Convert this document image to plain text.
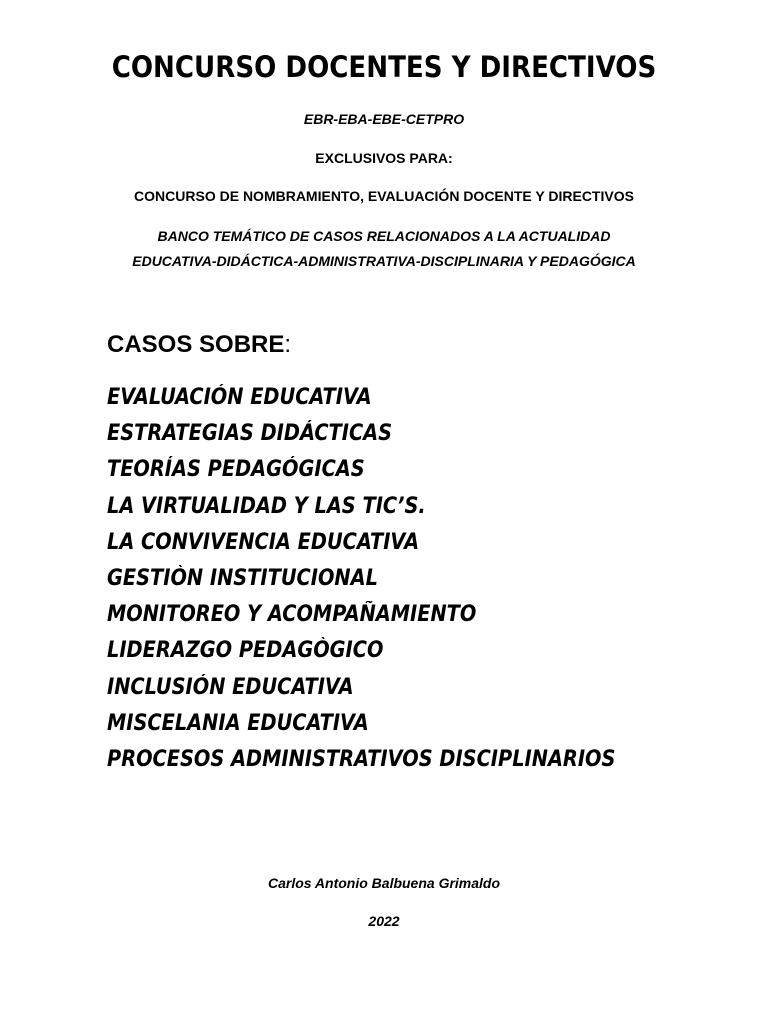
CONCURSO DOCENTES Y DIRECTIVOS
EBR-EBA-EBE-CETPRO
EXCLUSIVOS PARA:
CONCURSO DE NOMBRAMIENTO, EVALUACIÓN DOCENTE Y DIRECTIVOS
BANCO TEMÁTICO DE CASOS RELACIONADOS A LA ACTUALIDAD
EDUCATIVA-DIDÁCTICA-ADMINISTRATIVA-DISCIPLINARIA Y PEDAGÓGICA
CASOS SOBRE:
EVALUACIÓN EDUCATIVA
ESTRATEGIAS DIDÁCTICAS
TEORÍAS PEDAGÓGICAS
LA VIRTUALIDAD Y LAS TIC’S.
LA CONVIVENCIA EDUCATIVA
GESTIÒN INSTITUCIONAL
MONITOREO Y ACOMPAÑAMIENTO
LIDERAZGO PEDAGÒGICO
INCLUSIÓN EDUCATIVA
MISCELANIA EDUCATIVA
PROCESOS ADMINISTRATIVOS DISCIPLINARIOS
Carlos Antonio Balbuena Grimaldo
2022
